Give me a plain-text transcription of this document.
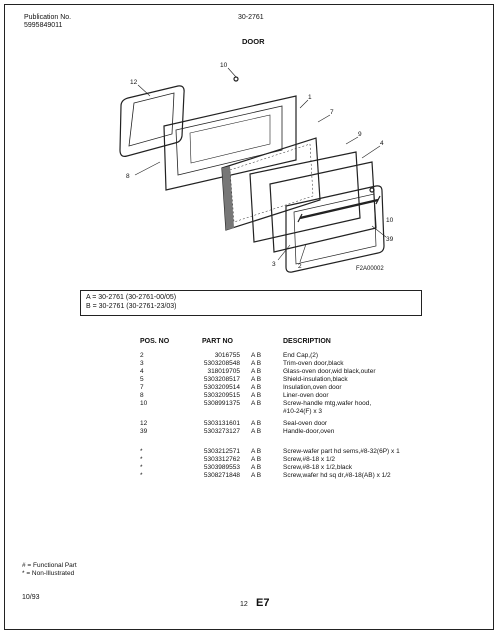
Publication No.
5995849011
30-2761
DOOR
12
10
1
7
9
4
8
39
3	2
10
F2A00002
A = 30-2761 (30-2761-00/05)
B = 30-2761 (30-2761-23/03)
POS. NO	PART NO	DESCRIPTION
2	3016755 A B	End Cap,(2)
3	5303208548 A B	Trim-oven door,black
4	318019705 A B	Glass-oven door,wid black,outer
5	5303208517 A B	Shield-insulation,black
7	5303209514 A B	Insulation,oven door
8	5303209515 A B	Liner-oven door
10	5308991375 A B	Screw-handle mtg,wafer hood,
#10-24(F) x 3
12	5303131601 A B	Seal-oven door
39	5303273127 A B	Handle-door,oven
*	5303212571 A B	Screw-wafer part hd sems,#8-32(6P) x 1
*	5303312762 A B	Screw,#8-18 x 1/2
*	5303989553 A B	Screw,#8-18 x 1/2,black
*	5308271848 A B	Screw,wafer hd sq dr,#8-18(AB) x 1/2
# = Functional Part
* = Non-Illustrated
10/93
12 E7
